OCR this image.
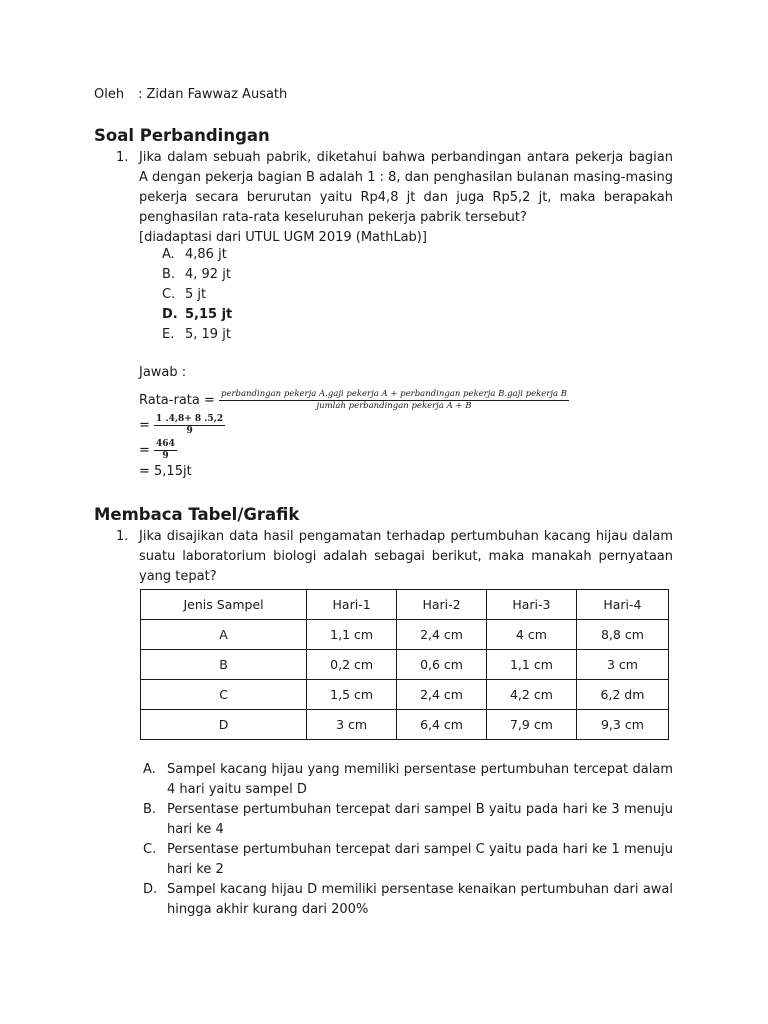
Oleh : Zidan Fawwaz Ausath
Soal Perbandingan
1. Jika dalam sebuah pabrik, diketahui bahwa perbandingan antara pekerja bagian A dengan pekerja bagian B adalah 1 : 8, dan penghasilan bulanan masing-masing pekerja secara berurutan yaitu Rp4,8 jt dan juga Rp5,2 jt, maka berapakah penghasilan rata-rata keseluruhan pekerja pabrik tersebut?
[diadaptasi dari UTUL UGM 2019 (MathLab)]
A. 4,86 jt
B. 4, 92 jt
C. 5 jt
D. 5,15 jt
E. 5, 19 jt
Jawab :
Rata-rata = perbandingan pekerja A.gaji pekerja A + perbandingan pekerja B.gaji pekerja B
jumlah perbandingan pekerja A + B
= $\frac{1 .4,8+ 8 .5,2}{9}$
= $\frac{464}{9}$
= 5,15jt
Membaca Tabel/Grafik
1. Jika disajikan data hasil pengamatan terhadap pertumbuhan kacang hijau dalam suatu laboratorium biologi adalah sebagai berikut, maka manakah pernyataan yang tepat?
Jenis Sampel	Hari-1	Hari-2	Hari-3	Hari-4
A	1,1 cm	2,4 cm	4 cm	8,8 cm
B	0,2 cm	0,6 cm	1,1 cm	3 cm
C	1,5 cm	2,4 cm	4,2 cm	6,2 dm
D	3 cm	6,4 cm	7,9 cm	9,3 cm
A. Sampel kacang hijau yang memiliki persentase pertumbuhan tercepat dalam 4 hari yaitu sampel D
B. Persentase pertumbuhan tercepat dari sampel B yaitu pada hari ke 3 menuju hari ke 4
C. Persentase pertumbuhan tercepat dari sampel C yaitu pada hari ke 1 menuju hari ke 2
D. Sampel kacang hijau D memiliki persentase kenaikan pertumbuhan dari awal hingga akhir kurang dari 200%
